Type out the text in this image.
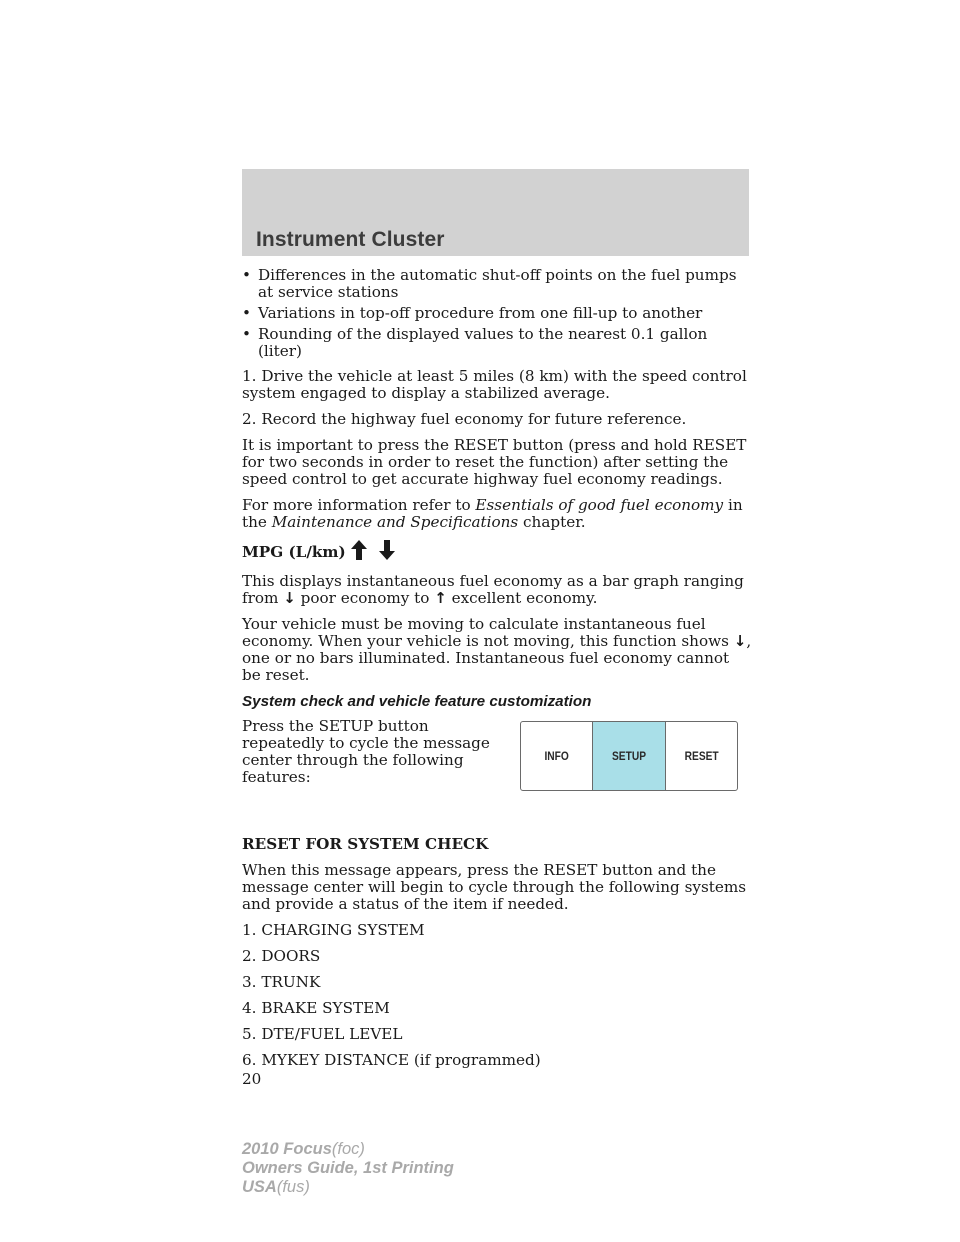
Instrument Cluster
• Differences in the automatic shut-off points on the fuel pumps at service stations
• Variations in top-off procedure from one fill-up to another
• Rounding of the displayed values to the nearest 0.1 gallon (liter)

1. Drive the vehicle at least 5 miles (8 km) with the speed control system engaged to display a stabilized average.

2. Record the highway fuel economy for future reference.

It is important to press the RESET button (press and hold RESET for two seconds in order to reset the function) after setting the speed control to get accurate highway fuel economy readings.

For more information refer to Essentials of good fuel economy in the Maintenance and Specifications chapter.

MPG (L/km)

This displays instantaneous fuel economy as a bar graph ranging from ↓ poor economy to ↑ excellent economy.

Your vehicle must be moving to calculate instantaneous fuel economy. When your vehicle is not moving, this function shows ↓, one or no bars illuminated. Instantaneous fuel economy cannot be reset.

System check and vehicle feature customization

Press the SETUP button repeatedly to cycle the message center through the following features:
INFO	SETUP	RESET

RESET FOR SYSTEM CHECK

When this message appears, press the RESET button and the message center will begin to cycle through the following systems and provide a status of the item if needed.

1. CHARGING SYSTEM

2. DOORS

3. TRUNK

4. BRAKE SYSTEM

5. DTE/FUEL LEVEL

6. MYKEY DISTANCE (if programmed)

20
2010 Focus(foc)
Owners Guide, 1st Printing
USA(fus)
